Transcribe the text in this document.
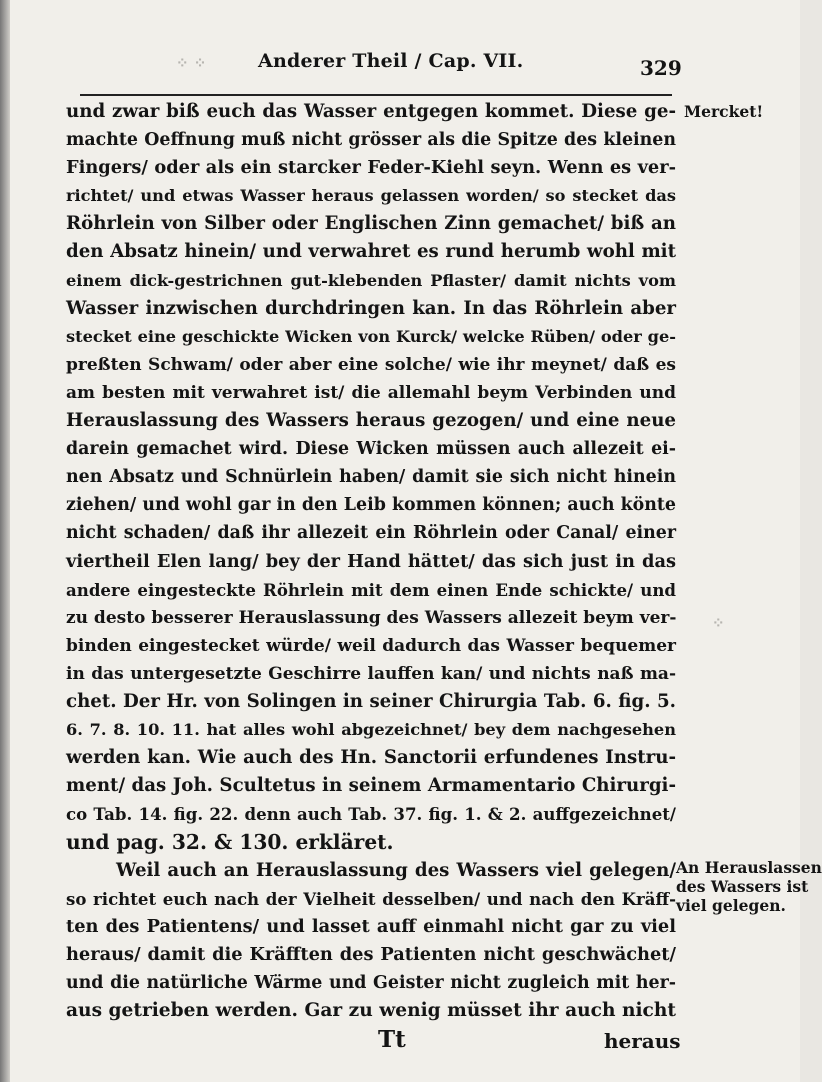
⁘ ⁘
⁘
Anderer Theil / Cap. VII.	329
und zwar biß euch das Wasser entgegen kommet. Diese ge-
machte Oeffnung muß nicht grösser als die Spitze des kleinen
Fingers/ oder als ein starcker Feder-Kiehl seyn. Wenn es ver-
richtet/ und etwas Wasser heraus gelassen worden/ so stecket das
Röhrlein von Silber oder Englischen Zinn gemachet/ biß an
den Absatz hinein/ und verwahret es rund herumb wohl mit
einem dick-gestrichnen gut-klebenden Pflaster/ damit nichts vom
Wasser inzwischen durchdringen kan. In das Röhrlein aber
stecket eine geschickte Wicken von Kurck/ welcke Rüben/ oder ge-
preßten Schwam/ oder aber eine solche/ wie ihr meynet/ daß es
am besten mit verwahret ist/ die allemahl beym Verbinden und
Herauslassung des Wassers heraus gezogen/ und eine neue
darein gemachet wird. Diese Wicken müssen auch allezeit ei-
nen Absatz und Schnürlein haben/ damit sie sich nicht hinein
ziehen/ und wohl gar in den Leib kommen können; auch könte
nicht schaden/ daß ihr allezeit ein Röhrlein oder Canal/ einer
viertheil Elen lang/ bey der Hand hättet/ das sich just in das
andere eingesteckte Röhrlein mit dem einen Ende schickte/ und
zu desto besserer Herauslassung des Wassers allezeit beym ver-
binden eingestecket würde/ weil dadurch das Wasser bequemer
in das untergesetzte Geschirre lauffen kan/ und nichts naß ma-
chet. Der Hr. von Solingen in seiner Chirurgia Tab. 6. fig. 5.
6. 7. 8. 10. 11. hat alles wohl abgezeichnet/ bey dem nachgesehen
werden kan. Wie auch des Hn. Sanctorii erfundenes Instru-
ment/ das Joh. Scultetus in seinem Armamentario Chirurgi-
co Tab. 14. fig. 22. denn auch Tab. 37. fig. 1. & 2. auffgezeichnet/
und pag. 32. & 130. erkläret.
Weil auch an Herauslassung des Wassers viel gelegen/
so richtet euch nach der Vielheit desselben/ und nach den Kräff-
ten des Patientens/ und lasset auff einmahl nicht gar zu viel
heraus/ damit die Kräfften des Patienten nicht geschwächet/
und die natürliche Wärme und Geister nicht zugleich mit her-
aus getrieben werden. Gar zu wenig müsset ihr auch nicht
Mercket!
An Herauslassen
des Wassers ist
viel gelegen.
Tt	heraus
